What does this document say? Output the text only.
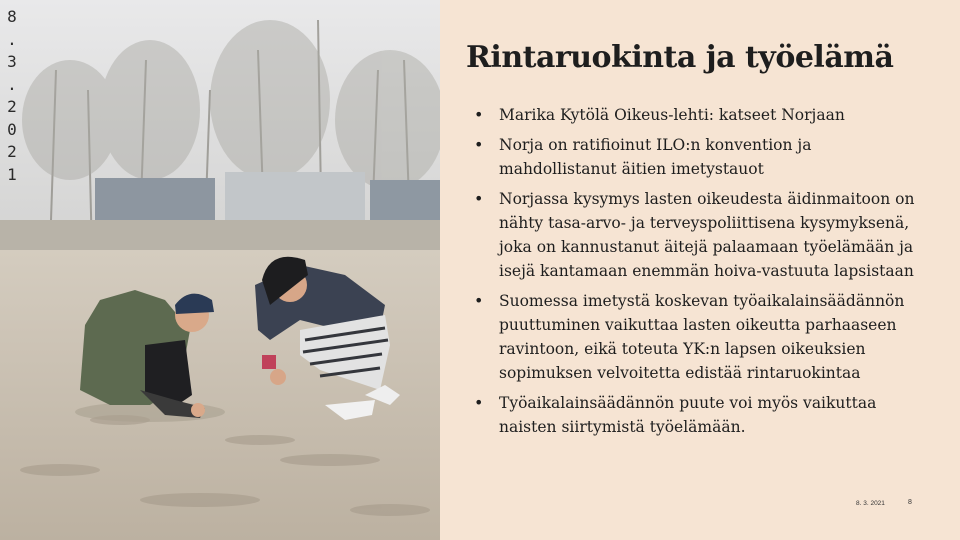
8
.
3
.
2
0
2
1
Rintaruokinta ja työelämä
• Marika Kytölä Oikeus-lehti: katseet Norjaan
• Norja on ratifioinut ILO:n konvention ja mahdollistanut äitien imetystauot
• Norjassa kysymys lasten oikeudesta äidinmaitoon on nähty tasa-arvo- ja terveyspoliittisena kysymyksenä, joka on kannustanut äitejä palaamaan työelämään ja isejä kantamaan enemmän hoiva-vastuuta lapsistaan
• Suomessa imetystä koskevan työaikalainsäädännön puuttuminen vaikuttaa lasten oikeutta parhaaseen ravintoon, eikä toteuta YK:n lapsen oikeuksien sopimuksen velvoitetta edistää rintaruokintaa
• Työaikalainsäädännön puute voi myös vaikuttaa naisten siirtymistä työelämään.
8. 3. 2021	8
